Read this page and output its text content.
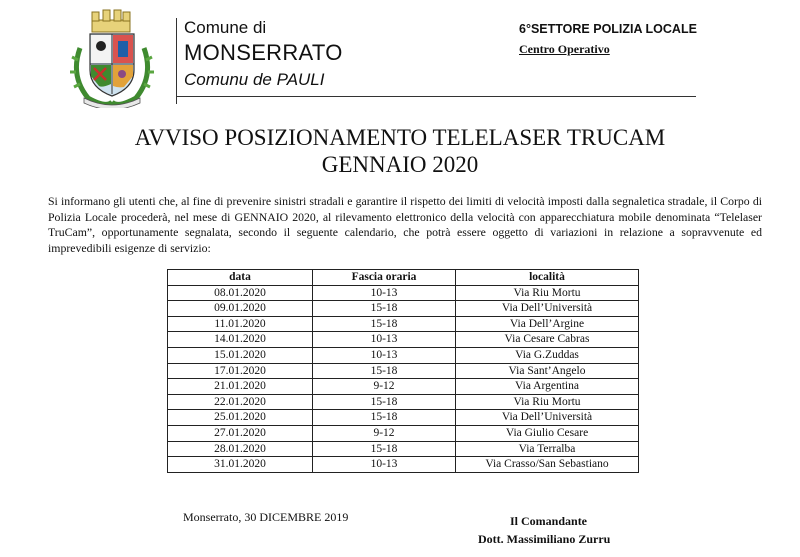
Comune di
MONSERRATO
Comunu de PAULI
6°SETTORE POLIZIA LOCALE
Centro Operativo
AVVISO POSIZIONAMENTO TELELASER TRUCAM
GENNAIO 2020
Si informano gli utenti che, al fine di prevenire sinistri stradali e garantire il rispetto dei limiti di velocità imposti dalla segnaletica stradale, il Corpo di Polizia Locale procederà, nel mese di GENNAIO 2020, al rilevamento elettronico della velocità con apparecchiatura mobile denominata “Telelaser TruCam”, opportunamente segnalata, secondo il seguente calendario, che potrà essere oggetto di variazioni in relazione a sopravvenute ed imprevedibili esigenze di servizio:
data	Fascia oraria	località
08.01.2020	10-13	Via Riu Mortu
09.01.2020	15-18	Via Dell’Università
11.01.2020	15-18	Via Dell’Argine
14.01.2020	10-13	Via Cesare Cabras
15.01.2020	10-13	Via G.Zuddas
17.01.2020	15-18	Via Sant’Angelo
21.01.2020	9-12	Via Argentina
22.01.2020	15-18	Via Riu Mortu
25.01.2020	15-18	Via Dell’Università
27.01.2020	9-12	Via Giulio Cesare
28.01.2020	15-18	Via Terralba
31.01.2020	10-13	Via Crasso/San Sebastiano
Monserrato, 30 DICEMBRE 2019	Il Comandante
Dott. Massimiliano Zurru
